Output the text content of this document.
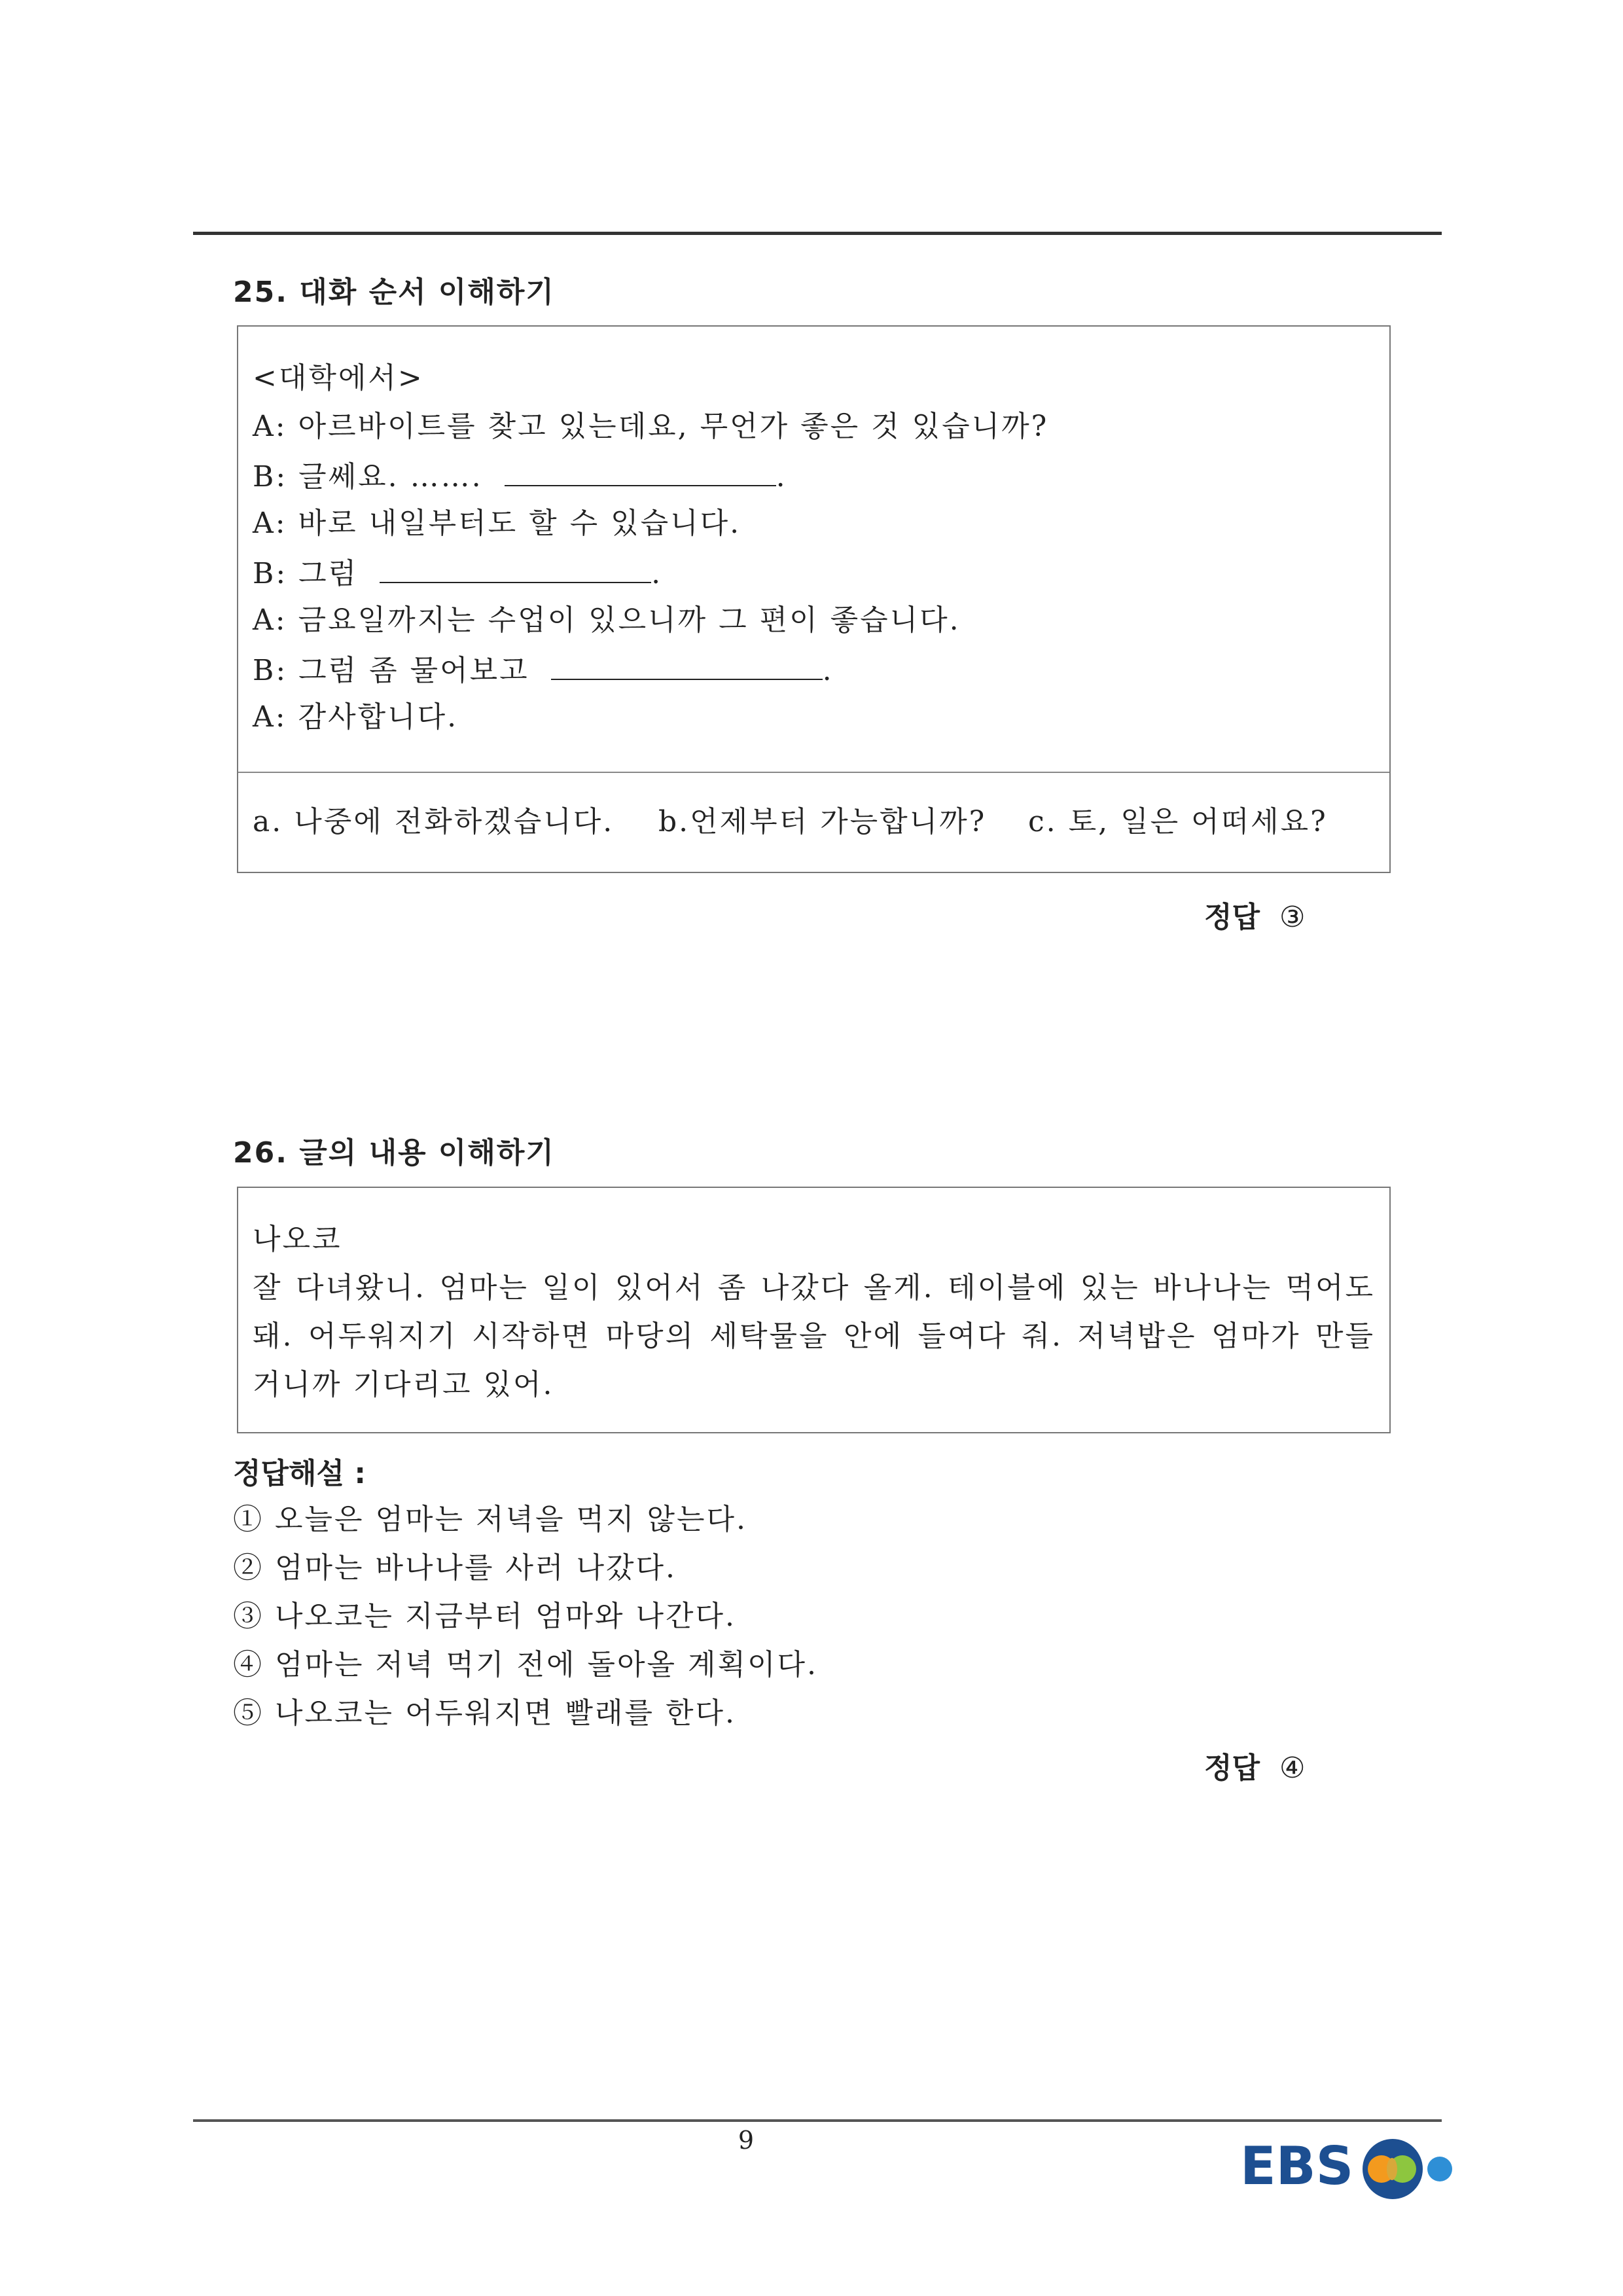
25. 대화 순서 이해하기
<대학에서>
A: 아르바이트를 찾고 있는데요, 무언가 좋은 것 있습니까?
B: 글쎄요. …….	.
A: 바로 내일부터도 할 수 있습니다.
B: 그럼	.
A: 금요일까지는 수업이 있으니까 그 편이 좋습니다.
B: 그럼 좀 물어보고	.
A: 감사합니다.
a. 나중에 전화하겠습니다. b.언제부터 가능합니까? c. 토, 일은 어떠세요?
정답 ③
26. 글의 내용 이해하기
나오코
잘 다녀왔니. 엄마는 일이 있어서 좀 나갔다 올게. 테이블에 있는 바나나는 먹어도 돼. 어두워지기 시작하면 마당의 세탁물을 안에 들여다 줘. 저녁밥은 엄마가 만들 거니까 기다리고 있어.
정답해설 :
① 오늘은 엄마는 저녁을 먹지 않는다.
② 엄마는 바나나를 사러 나갔다.
③ 나오코는 지금부터 엄마와 나간다.
④ 엄마는 저녁 먹기 전에 돌아올 계획이다.
⑤ 나오코는 어두워지면 빨래를 한다.
정답 ④
9	EBS
